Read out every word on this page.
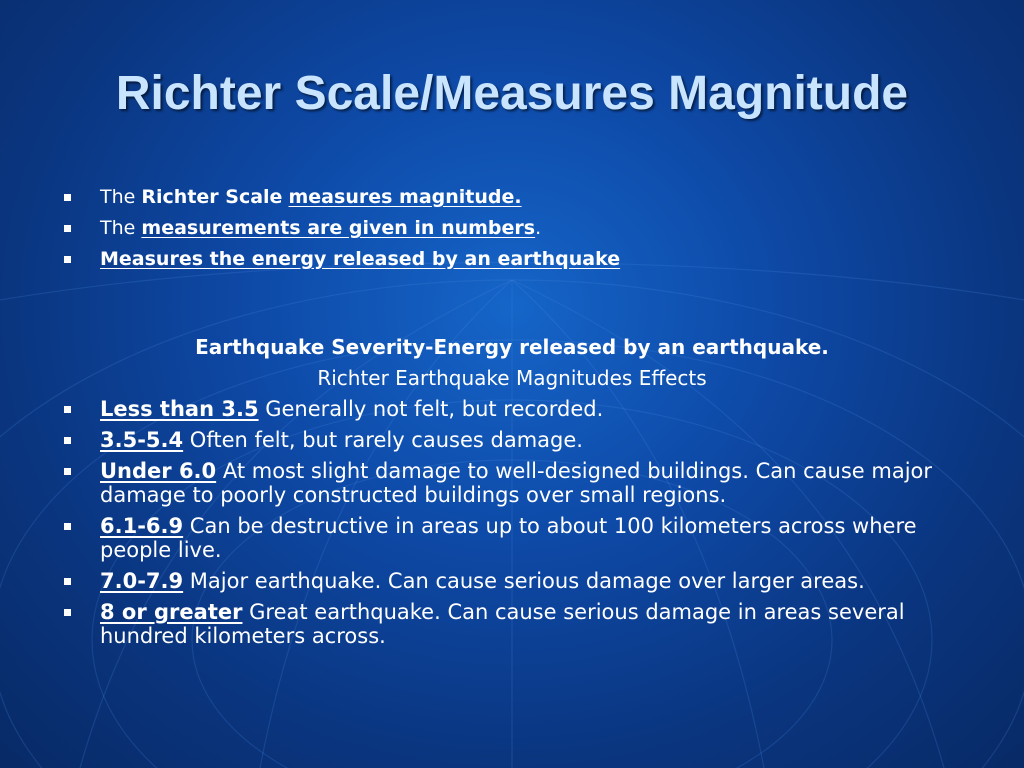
Richter Scale/Measures Magnitude
The Richter Scale measures magnitude.
The measurements are given in numbers.
Measures the energy released by an earthquake

Earthquake Severity-Energy released by an earthquake.

Richter Earthquake Magnitudes Effects

Less than 3.5 Generally not felt, but recorded.
3.5-5.4 Often felt, but rarely causes damage.
Under 6.0 At most slight damage to well-designed buildings. Can cause major damage to poorly constructed buildings over small regions.
6.1-6.9 Can be destructive in areas up to about 100 kilometers across where people live.
7.0-7.9 Major earthquake. Can cause serious damage over larger areas.
8 or greater Great earthquake. Can cause serious damage in areas several hundred kilometers across.
